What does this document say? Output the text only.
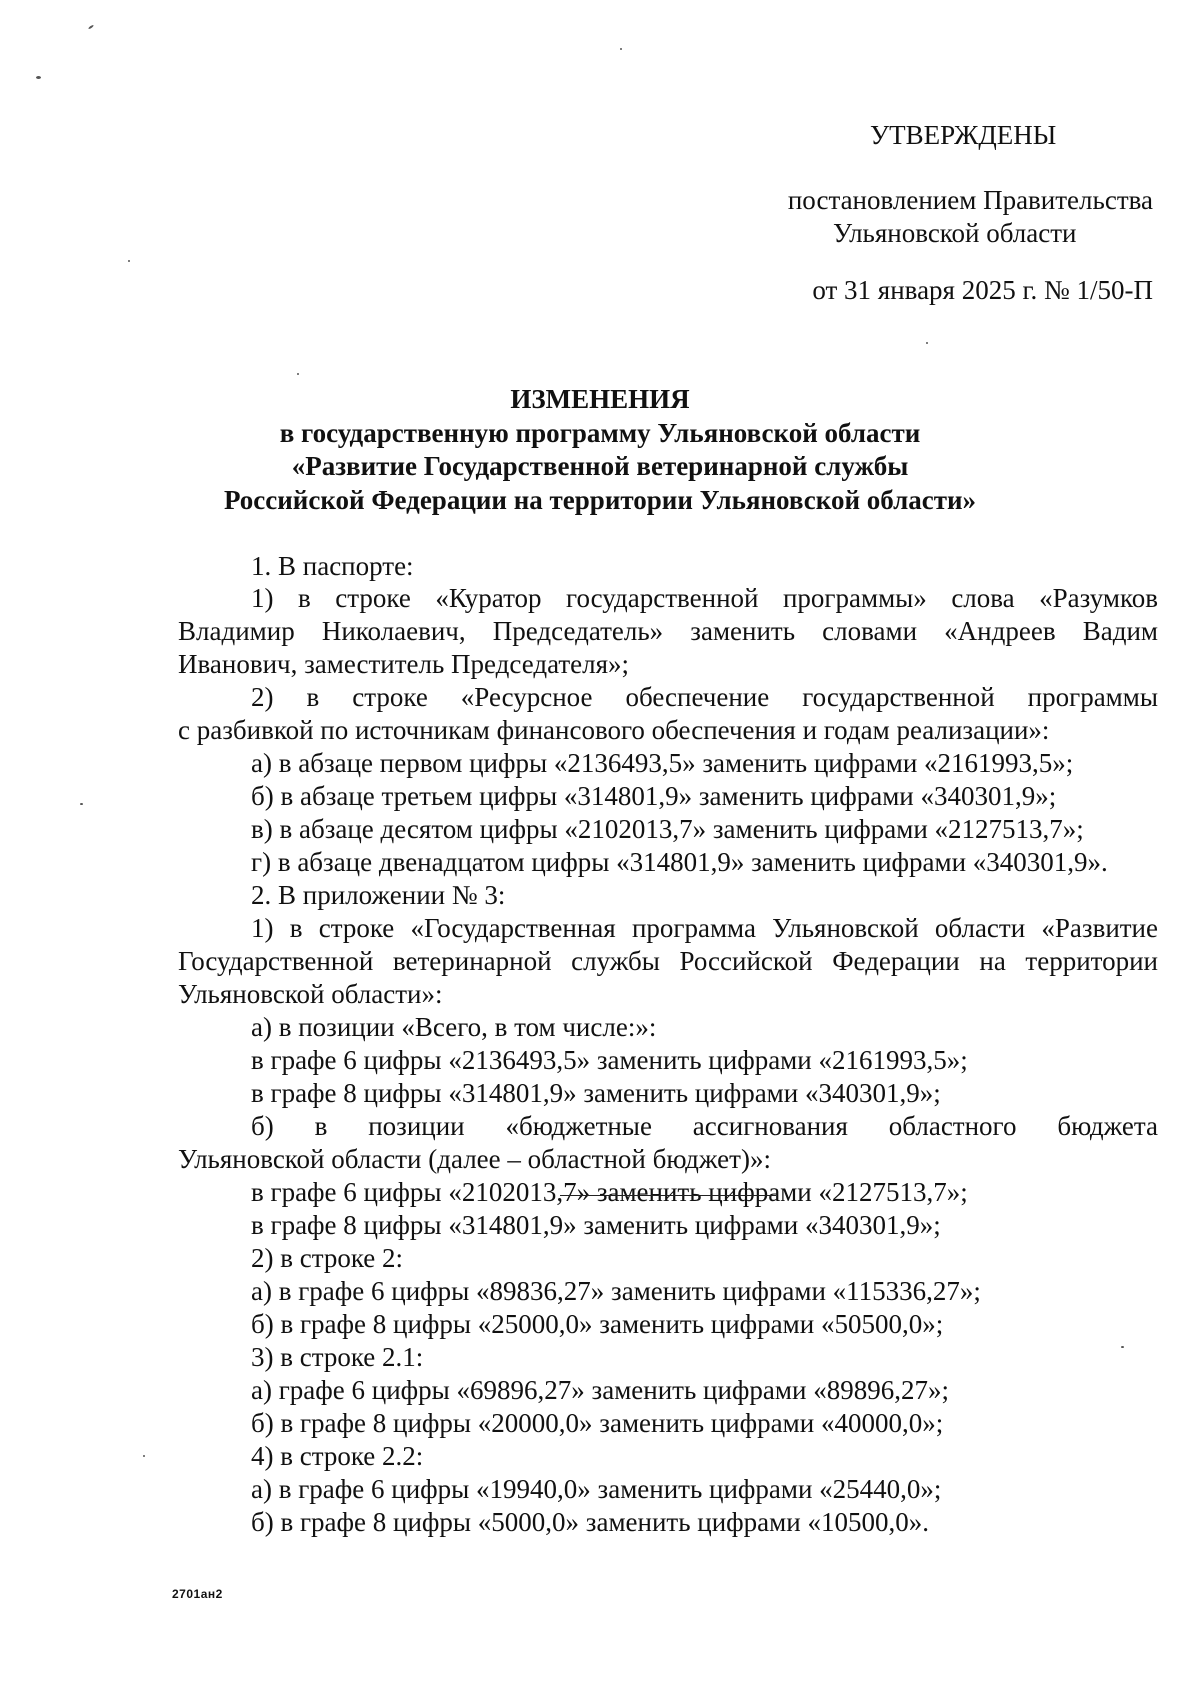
УТВЕРЖДЕНЫ
постановлением Правительства
Ульяновской области
от 31 января 2025 г. № 1/50-П
ИЗМЕНЕНИЯ
в государственную программу Ульяновской области
«Развитие Государственной ветеринарной службы
Российской Федерации на территории Ульяновской области»
1. В паспорте:
1) в строке «Куратор государственной программы» слова «Разумков
Владимир Николаевич, Председатель» заменить словами «Андреев Вадим
Иванович, заместитель Председателя»;
2) в строке «Ресурсное обеспечение государственной программы
с разбивкой по источникам финансового обеспечения и годам реализации»:
а) в абзаце первом цифры «2136493,5» заменить цифрами «2161993,5»;
б) в абзаце третьем цифры «314801,9» заменить цифрами «340301,9»;
в) в абзаце десятом цифры «2102013,7» заменить цифрами «2127513,7»;
г) в абзаце двенадцатом цифры «314801,9» заменить цифрами «340301,9».
2. В приложении № 3:
1) в строке «Государственная программа Ульяновской области «Развитие
Государственной ветеринарной службы Российской Федерации на территории
Ульяновской области»:
а) в позиции «Всего, в том числе:»:
в графе 6 цифры «2136493,5» заменить цифрами «2161993,5»;
в графе 8 цифры «314801,9» заменить цифрами «340301,9»;
б) в позиции «бюджетные ассигнования областного бюджета
Ульяновской области (далее – областной бюджет)»:
в графе 6 цифры «2102013,7» заменить цифрами «2127513,7»;
в графе 8 цифры «314801,9» заменить цифрами «340301,9»;
2) в строке 2:
а) в графе 6 цифры «89836,27» заменить цифрами «115336,27»;
б) в графе 8 цифры «25000,0» заменить цифрами «50500,0»;
3) в строке 2.1:
а) графе 6 цифры «69896,27» заменить цифрами «89896,27»;
б) в графе 8 цифры «20000,0» заменить цифрами «40000,0»;
4) в строке 2.2:
а) в графе 6 цифры «19940,0» заменить цифрами «25440,0»;
б) в графе 8 цифры «5000,0» заменить цифрами «10500,0».
2701ан2
